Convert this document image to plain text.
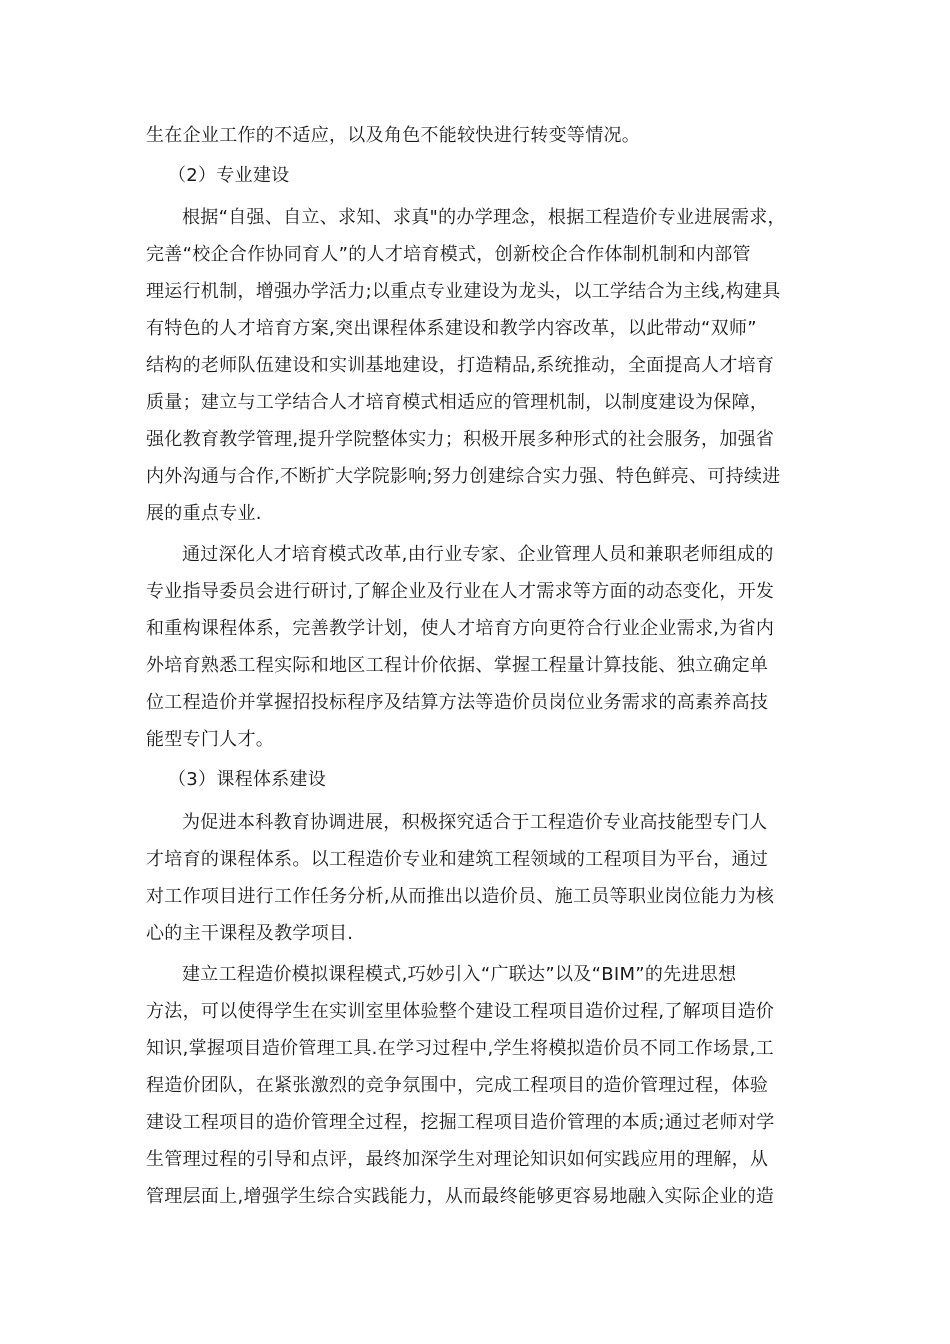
生在企业工作的不适应，以及角色不能较快进行转变等情况。
（2）专业建设
根据“自强、自立、求知、求真"的办学理念，根据工程造价专业进展需求，
完善“校企合作协同育人”的人才培育模式，创新校企合作体制机制和内部管
理运行机制，增强办学活力;以重点专业建设为龙头，以工学结合为主线,构建具
有特色的人才培育方案,突出课程体系建设和教学内容改革，以此带动“双师”
结构的老师队伍建设和实训基地建设，打造精品,系统推动，全面提高人才培育
质量；建立与工学结合人才培育模式相适应的管理机制，以制度建设为保障，
强化教育教学管理,提升学院整体实力；积极开展多种形式的社会服务，加强省
内外沟通与合作,不断扩大学院影响;努力创建综合实力强、特色鲜亮、可持续进
展的重点专业.
通过深化人才培育模式改革,由行业专家、企业管理人员和兼职老师组成的
专业指导委员会进行研讨,了解企业及行业在人才需求等方面的动态变化，开发
和重构课程体系，完善教学计划，使人才培育方向更符合行业企业需求,为省内
外培育熟悉工程实际和地区工程计价依据、掌握工程量计算技能、独立确定单
位工程造价并掌握招投标程序及结算方法等造价员岗位业务需求的高素养高技
能型专门人才。
（3）课程体系建设
为促进本科教育协调进展，积极探究适合于工程造价专业高技能型专门人
才培育的课程体系。以工程造价专业和建筑工程领域的工程项目为平台，通过
对工作项目进行工作任务分析,从而推出以造价员、施工员等职业岗位能力为核
心的主干课程及教学项目.
建立工程造价模拟课程模式,巧妙引入“广联达”以及“BIM”的先进思想
方法，可以使得学生在实训室里体验整个建设工程项目造价过程,了解项目造价
知识,掌握项目造价管理工具.在学习过程中,学生将模拟造价员不同工作场景,工
程造价团队，在紧张激烈的竞争氛围中，完成工程项目的造价管理过程，体验
建设工程项目的造价管理全过程，挖掘工程项目造价管理的本质;通过老师对学
生管理过程的引导和点评，最终加深学生对理论知识如何实践应用的理解，从
管理层面上,增强学生综合实践能力，从而最终能够更容易地融入实际企业的造
